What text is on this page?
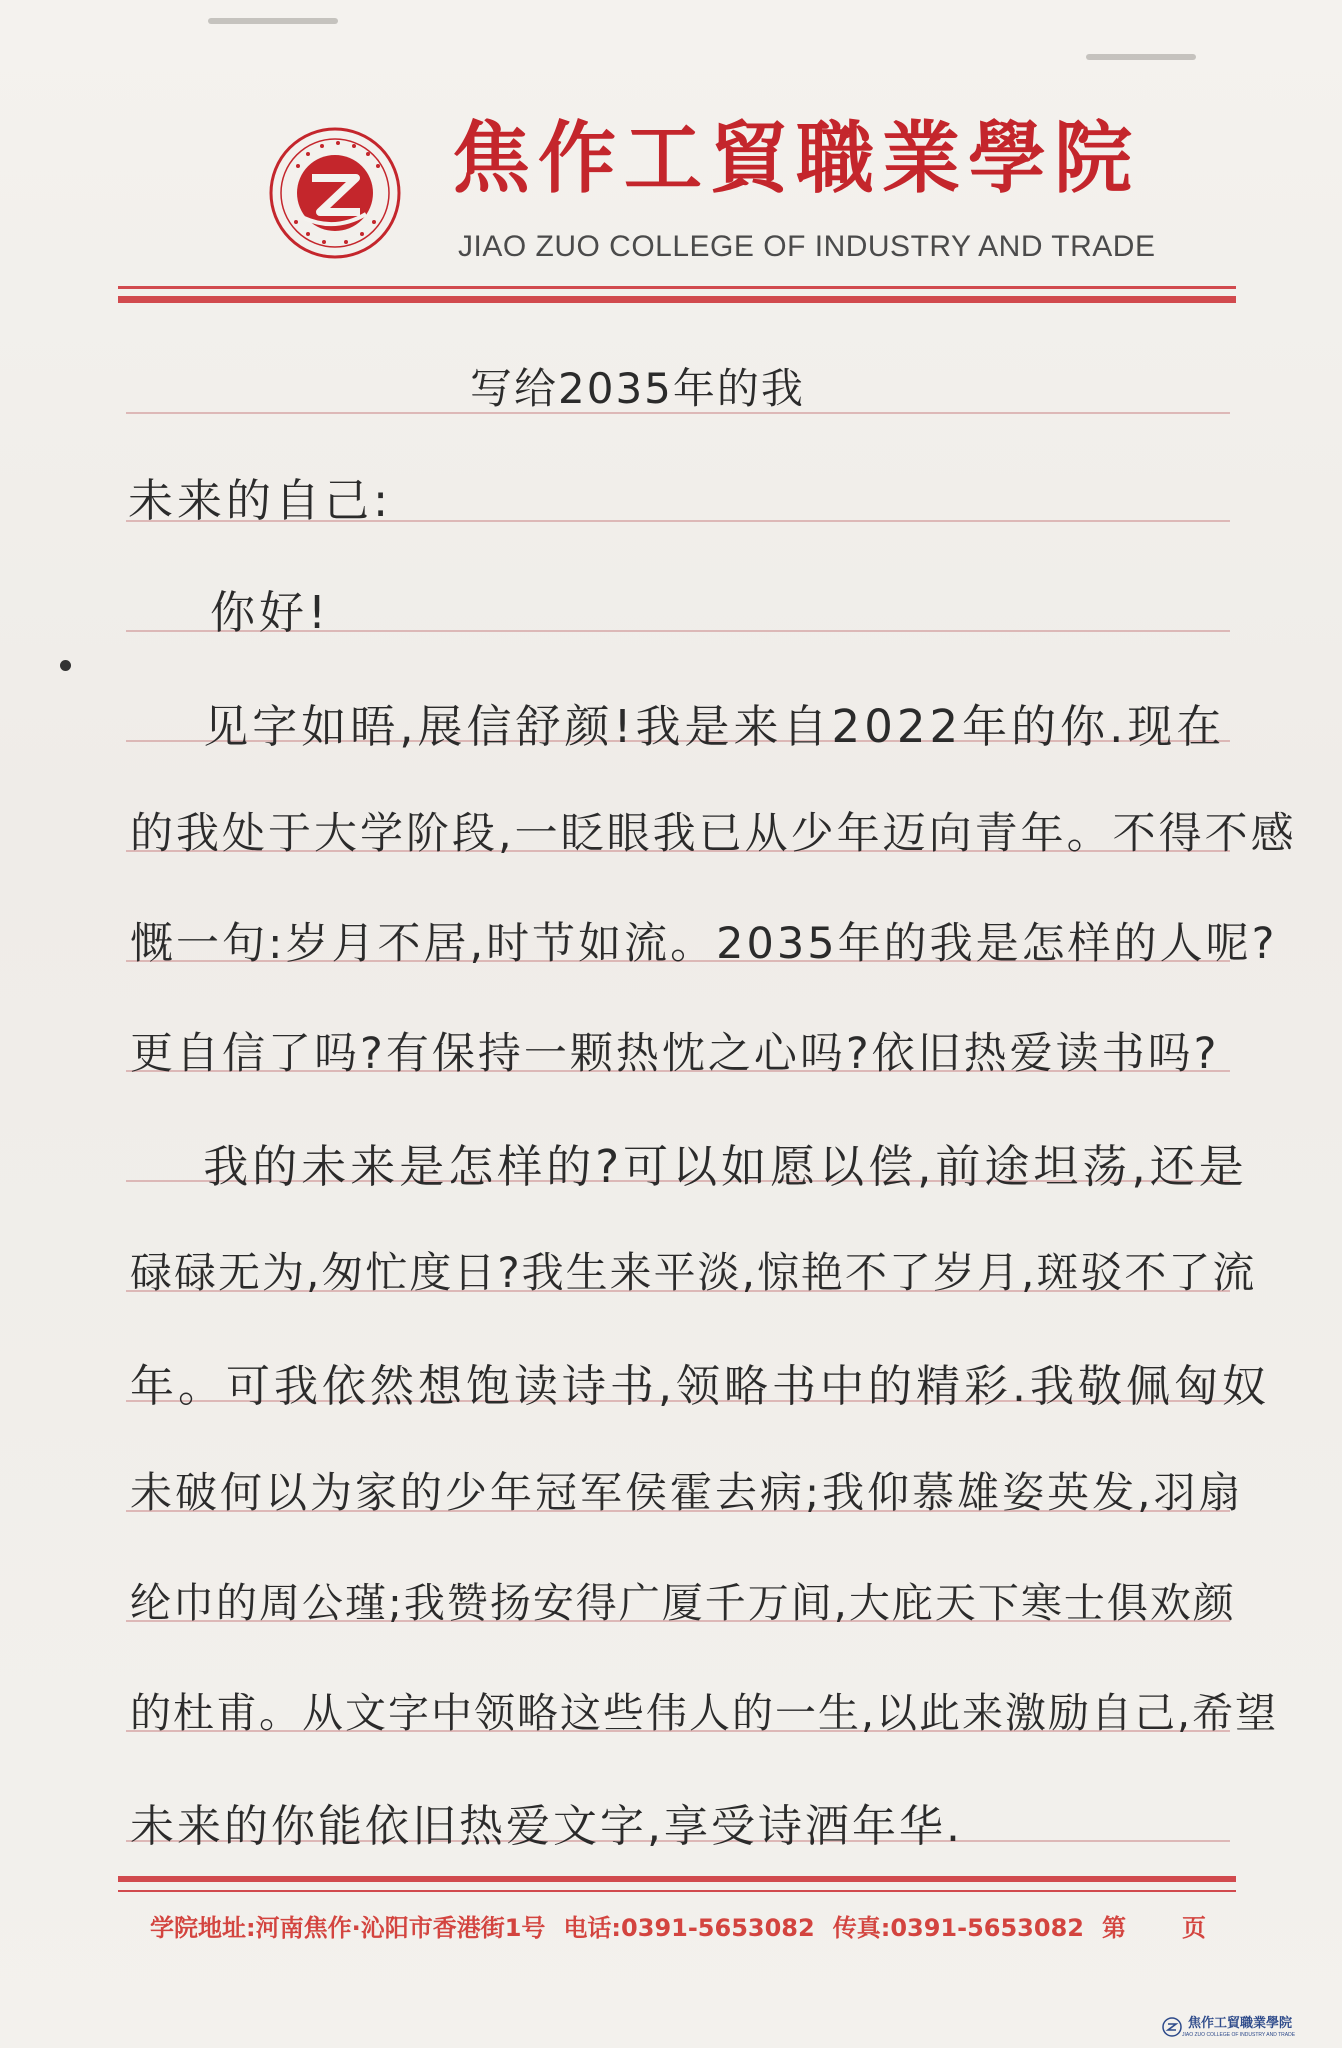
焦作工貿職業學院
JIAO ZUO COLLEGE OF INDUSTRY AND TRADE
写给2035年的我
未来的自己:
你好!
见字如晤,展信舒颜!我是来自2022年的你.现在
的我处于大学阶段,一眨眼我已从少年迈向青年。不得不感
慨一句:岁月不居,时节如流。2035年的我是怎样的人呢?
更自信了吗?有保持一颗热忱之心吗?依旧热爱读书吗?
我的未来是怎样的?可以如愿以偿,前途坦荡,还是
碌碌无为,匆忙度日?我生来平淡,惊艳不了岁月,斑驳不了流
年。可我依然想饱读诗书,领略书中的精彩.我敬佩匈奴
未破何以为家的少年冠军侯霍去病;我仰慕雄姿英发,羽扇
纶巾的周公瑾;我赞扬安得广厦千万间,大庇天下寒士俱欢颜
的杜甫。从文字中领略这些伟人的一生,以此来激励自己,希望
未来的你能依旧热爱文字,享受诗酒年华.
学院地址:河南焦作·沁阳市香港街1号 电话:0391-5653082 传真:0391-5653082 第 页
焦作工貿職業學院
JIAO ZUO COLLEGE OF INDUSTRY AND TRADE
